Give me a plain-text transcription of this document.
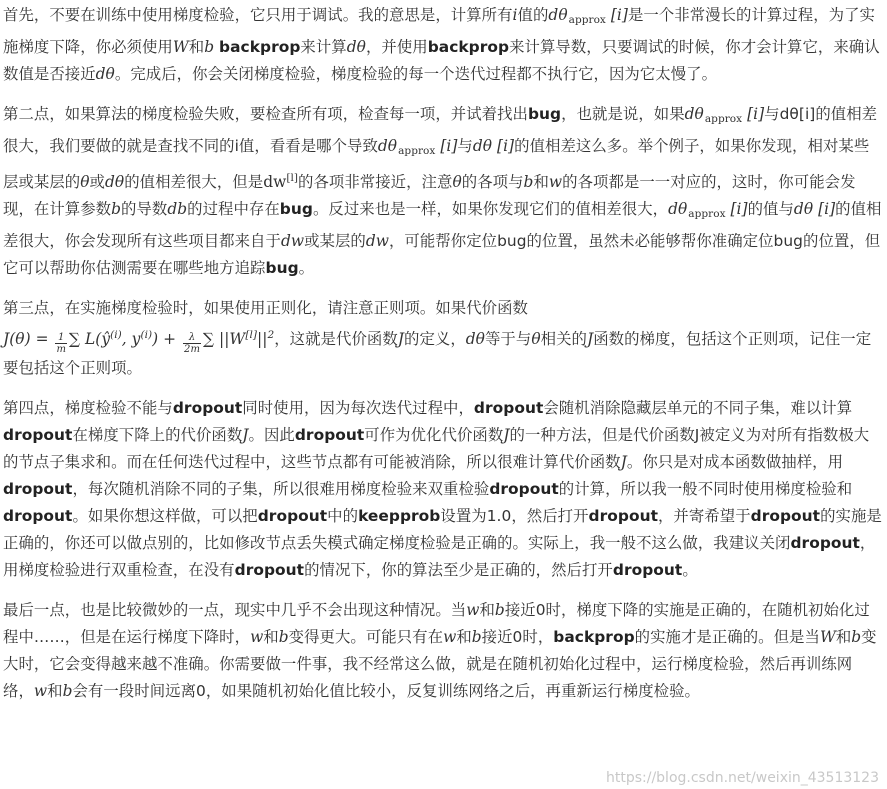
首先，不要在训练中使用梯度检验，它只用于调试。我的意思是，计算所有i值的$d\theta_{approx}$ [i]是一个非常漫长的计算过程，为了实施梯度下降，你必须使用W和b backprop来计算dθ，并使用backprop来计算导数，只要调试的时候，你才会计算它，来确认数值是否接近dθ。完成后，你会关闭梯度检验，梯度检验的每一个迭代过程都不执行它，因为它太慢了。

第二点，如果算法的梯度检验失败，要检查所有项，检查每一项，并试着找出bug，也就是说，如果$d\theta_{approx}$ [i]与dθ[i]的值相差很大，我们要做的就是查找不同的i值，看看是哪个导致$d\theta_{approx}$ [i]与dθ [i]的值相差这么多。举个例子，如果你发现，相对某些层或某层的θ或dθ的值相差很大，但是dw[l]的各项非常接近，注意θ的各项与b和w的各项都是一一对应的，这时，你可能会发现，在计算参数b的导数db的过程中存在bug。反过来也是一样，如果你发现它们的值相差很大，$d\theta_{approx}$ [i]的值与dθ [i]的值相差很大，你会发现所有这些项目都来自于dw或某层的dw，可能帮你定位bug的位置，虽然未必能够帮你准确定位bug的位置，但它可以帮助你估测需要在哪些地方追踪bug。

第三点，在实施梯度检验时，如果使用正则化，请注意正则项。如果代价函数
$J(\theta) = \frac{1}{m}$ ∑ $L(ŷ^{(i)}$, $y^{(i)}) + \frac{\lambda}{2m}$ ∑ $||W[l]||^2$，这就是代价函数J的定义，dθ等于与θ相关的J函数的梯度，包括这个正则项，记住一定要包括这个正则项。

第四点，梯度检验不能与dropout同时使用，因为每次迭代过程中，dropout会随机消除隐藏层单元的不同子集，难以计算dropout在梯度下降上的代价函数J。因此dropout可作为优化代价函数J的一种方法，但是代价函数J被定义为对所有指数极大的节点子集求和。而在任何迭代过程中，这些节点都有可能被消除，所以很难计算代价函数J。你只是对成本函数做抽样，用dropout，每次随机消除不同的子集，所以很难用梯度检验来双重检验dropout的计算，所以我一般不同时使用梯度检验和dropout。如果你想这样做，可以把dropout中的keepprob设置为1.0，然后打开dropout，并寄希望于dropout的实施是正确的，你还可以做点别的，比如修改节点丢失模式确定梯度检验是正确的。实际上，我一般不这么做，我建议关闭dropout，用梯度检验进行双重检查，在没有dropout的情况下，你的算法至少是正确的，然后打开dropout。

最后一点，也是比较微妙的一点，现实中几乎不会出现这种情况。当w和b接近0时，梯度下降的实施是正确的，在随机初始化过程中……，但是在运行梯度下降时，w和b变得更大。可能只有在w和b接近0时，backprop的实施才是正确的。但是当W和b变大时，它会变得越来越不准确。你需要做一件事，我不经常这么做，就是在随机初始化过程中，运行梯度检验，然后再训练网络，w和b会有一段时间远离0，如果随机初始化值比较小，反复训练网络之后，再重新运行梯度检验。

https://blog.csdn.net/weixin_43513123
